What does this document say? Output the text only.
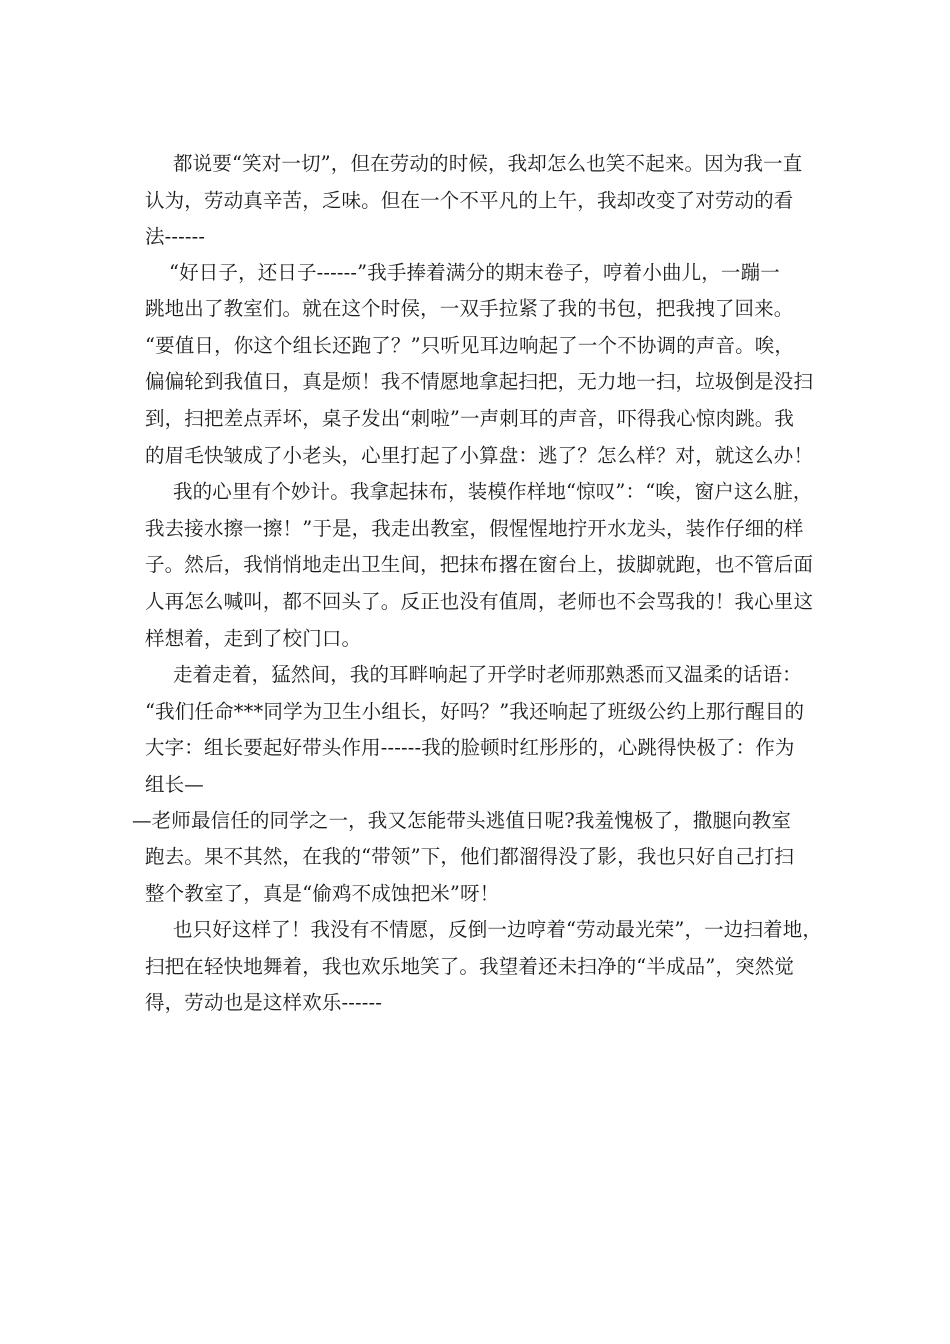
都说要“笑对一切”，但在劳动的时候，我却怎么也笑不起来。因为我一直
认为，劳动真辛苦，乏味。但在一个不平凡的上午，我却改变了对劳动的看
法------
“好日子，还日子------”我手捧着满分的期末卷子，哼着小曲儿，一蹦一
跳地出了教室们。就在这个时侯，一双手拉紧了我的书包，把我拽了回来。
“要值日，你这个组长还跑了？”只听见耳边响起了一个不协调的声音。唉，
偏偏轮到我值日，真是烦！我不情愿地拿起扫把，无力地一扫，垃圾倒是没扫
到，扫把差点弄坏，桌子发出“刺啦”一声刺耳的声音，吓得我心惊肉跳。我
的眉毛快皱成了小老头，心里打起了小算盘：逃了？怎么样？对，就这么办！
我的心里有个妙计。我拿起抹布，装模作样地“惊叹”：“唉，窗户这么脏，
我去接水擦一擦！”于是，我走出教室，假惺惺地拧开水龙头，装作仔细的样
子。然后，我悄悄地走出卫生间，把抹布撂在窗台上，拔脚就跑，也不管后面
人再怎么喊叫，都不回头了。反正也没有值周，老师也不会骂我的！我心里这
样想着，走到了校门口。
走着走着，猛然间，我的耳畔响起了开学时老师那熟悉而又温柔的话语：
“我们任命***同学为卫生小组长，好吗？”我还响起了班级公约上那行醒目的
大字：组长要起好带头作用------我的脸顿时红彤彤的，心跳得快极了：作为
组长—
—老师最信任的同学之一，我又怎能带头逃值日呢?我羞愧极了，撒腿向教室
跑去。果不其然，在我的“带领”下，他们都溜得没了影，我也只好自己打扫
整个教室了，真是“偷鸡不成蚀把米”呀！
也只好这样了！我没有不情愿，反倒一边哼着“劳动最光荣”，一边扫着地，
扫把在轻快地舞着，我也欢乐地笑了。我望着还未扫净的“半成品”，突然觉
得，劳动也是这样欢乐------
